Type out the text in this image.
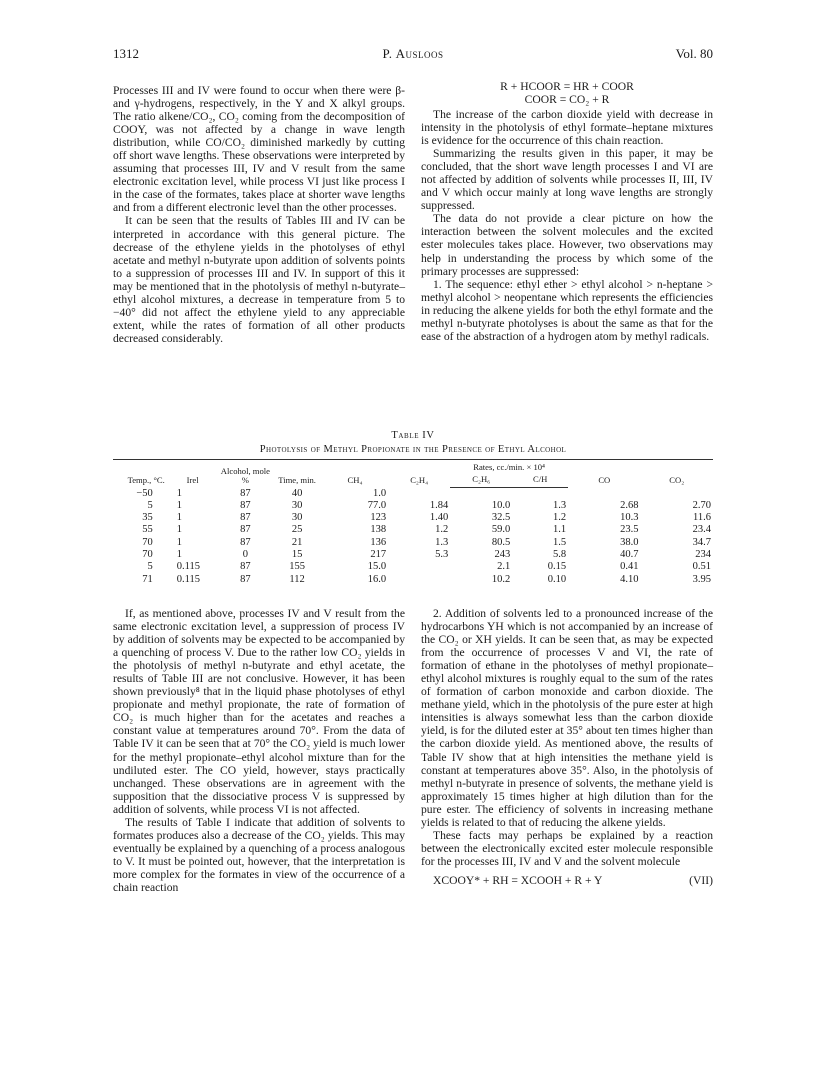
1312	P. Ausloos	Vol. 80

Processes III and IV were found to occur when there were β- and γ-hydrogens, respectively, in the Y and X alkyl groups. The ratio alkene/CO₂, CO₂ coming from the decomposition of COOY, was not affected by a change in wave length distribution, while CO/CO₂ diminished markedly by cutting off short wave lengths. These observations were interpreted by assuming that processes III, IV and V result from the same electronic excitation level, while process VI just like process I in the case of the formates, takes place at shorter wave lengths and from a different electronic level than the other processes.

It can be seen that the results of Tables III and IV can be interpreted in accordance with this general picture. The decrease of the ethylene yields in the photolyses of ethyl acetate and methyl n-butyrate upon addition of solvents points to a suppression of processes III and IV. In support of this it may be mentioned that in the photolysis of methyl n-butyrate–ethyl alcohol mixtures, a decrease in temperature from 5 to −40° did not affect the ethylene yield to any appreciable extent, while the rates of formation of all other products decreased considerably.

R + HCOOR = HR + COOR
COOR = CO₂ + R

The increase of the carbon dioxide yield with decrease in intensity in the photolysis of ethyl formate–heptane mixtures is evidence for the occurrence of this chain reaction.

Summarizing the results given in this paper, it may be concluded, that the short wave length processes I and VI are not affected by addition of solvents while processes II, III, IV and V which occur mainly at long wave lengths are strongly suppressed.

The data do not provide a clear picture on how the interaction between the solvent molecules and the excited ester molecules takes place. However, two observations may help in understanding the process by which some of the primary processes are suppressed:

1. The sequence: ethyl ether > ethyl alcohol > n-heptane > methyl alcohol > neopentane which represents the efficiencies in reducing the alkene yields for both the ethyl formate and the methyl n-butyrate photolyses is about the same as that for the ease of the abstraction of a hydrogen atom by methyl radicals.

Table IV
Photolysis of Methyl Propionate in the Presence of Ethyl Alcohol
Temp., °C.	Irel	Alcohol, mole %	Time, min.	CH₄	C₂H₄	Rates, cc./min. × 10⁴		CO	CO₂
						C₂H₆	C/H		
−50	1	87	40	1.0					
5	1	87	30	77.0	1.84	10.0	1.3	2.68	2.70
35	1	87	30	123	1.40	32.5	1.2	10.3	11.6
55	1	87	25	138	1.2	59.0	1.1	23.5	23.4
70	1	87	21	136	1.3	80.5	1.5	38.0	34.7
70	1	0	15	217	5.3	243	5.8	40.7	234
5	0.115	87	155	15.0		2.1	0.15	0.41	0.51
71	0.115	87	112	16.0		10.2	0.10	4.10	3.95

If, as mentioned above, processes IV and V result from the same electronic excitation level, a suppression of process IV by addition of solvents may be expected to be accompanied by a quenching of process V. Due to the rather low CO₂ yields in the photolysis of methyl n-butyrate and ethyl acetate, the results of Table III are not conclusive. However, it has been shown previously⁸ that in the liquid phase photolyses of ethyl propionate and methyl propionate, the rate of formation of CO₂ is much higher than for the acetates and reaches a constant value at temperatures around 70°. From the data of Table IV it can be seen that at 70° the CO₂ yield is much lower for the methyl propionate–ethyl alcohol mixture than for the undiluted ester. The CO yield, however, stays practically unchanged. These observations are in agreement with the supposition that the dissociative process V is suppressed by addition of solvents, while process VI is not affected.

The results of Table I indicate that addition of solvents to formates produces also a decrease of the CO₂ yields. This may eventually be explained by a quenching of a process analogous to V. It must be pointed out, however, that the interpretation is more complex for the formates in view of the occurrence of a chain reaction

2. Addition of solvents led to a pronounced increase of the hydrocarbons YH which is not accompanied by an increase of the CO₂ or XH yields. It can be seen that, as may be expected from the occurrence of processes V and VI, the rate of formation of ethane in the photolyses of methyl propionate–ethyl alcohol mixtures is roughly equal to the sum of the rates of formation of carbon monoxide and carbon dioxide. The methane yield, which in the photolysis of the pure ester at high intensities is always somewhat less than the carbon dioxide yield, is for the diluted ester at 35° about ten times higher than the carbon dioxide yield. As mentioned above, the results of Table IV show that at high intensities the methane yield is constant at temperatures above 35°. Also, in the photolysis of methyl n-butyrate in presence of solvents, the methane yield is approximately 15 times higher at high dilution than for the pure ester. The efficiency of solvents in increasing methane yields is related to that of reducing the alkene yields.

These facts may perhaps be explained by a reaction between the electronically excited ester molecule responsible for the processes III, IV and V and the solvent molecule

XCOOY* + RH = XCOOH + R + Y	(VII)
